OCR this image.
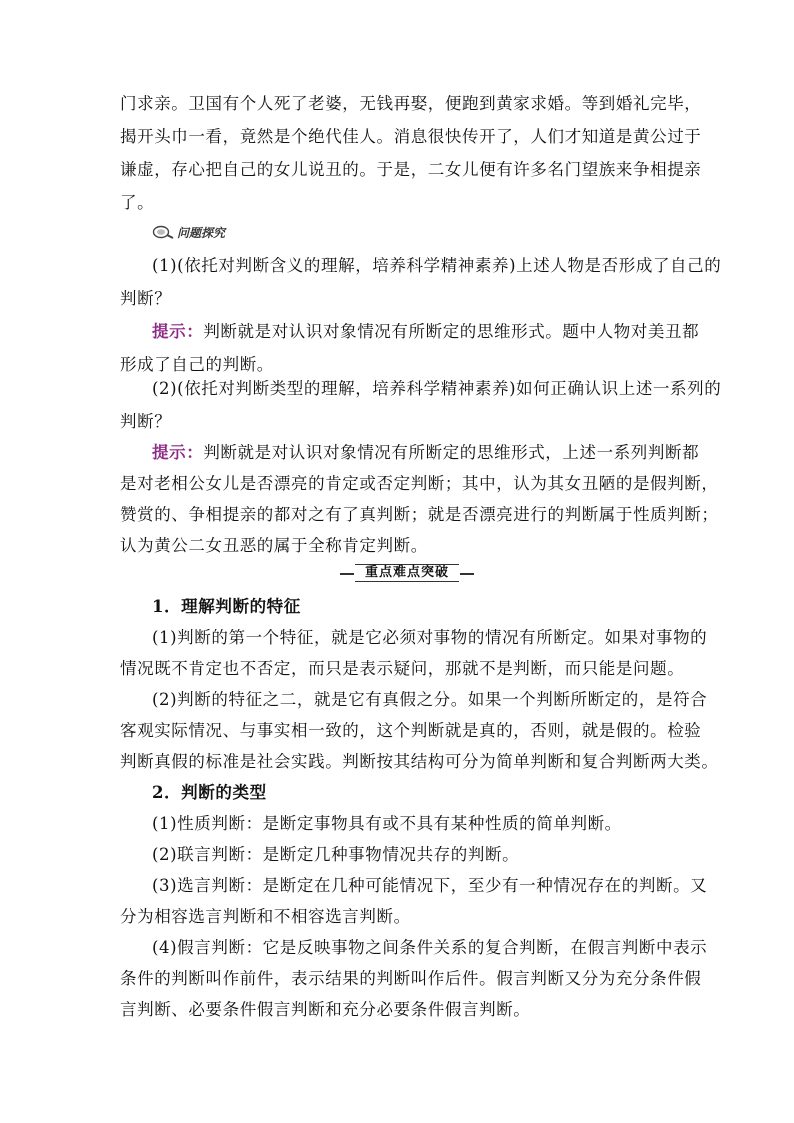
门求亲。卫国有个人死了老婆，无钱再娶，便跑到黄家求婚。等到婚礼完毕，
揭开头巾一看，竟然是个绝代佳人。消息很快传开了，人们才知道是黄公过于
谦虚，存心把自己的女儿说丑的。于是，二女儿便有许多名门望族来争相提亲
了。
问题探究
(1)(依托对判断含义的理解，培养科学精神素养)上述人物是否形成了自己的
判断？
提示：判断就是对认识对象情况有所断定的思维形式。题中人物对美丑都
形成了自己的判断。
(2)(依托对判断类型的理解，培养科学精神素养)如何正确认识上述一系列的
判断？
提示：判断就是对认识对象情况有所断定的思维形式，上述一系列判断都
是对老相公女儿是否漂亮的肯定或否定判断；其中，认为其女丑陋的是假判断，
赞赏的、争相提亲的都对之有了真判断；就是否漂亮进行的判断属于性质判断；
认为黄公二女丑恶的属于全称肯定判断。
重点难点突破
1．理解判断的特征
(1)判断的第一个特征，就是它必须对事物的情况有所断定。如果对事物的
情况既不肯定也不否定，而只是表示疑问，那就不是判断，而只能是问题。
(2)判断的特征之二，就是它有真假之分。如果一个判断所断定的，是符合
客观实际情况、与事实相一致的，这个判断就是真的，否则，就是假的。检验
判断真假的标准是社会实践。判断按其结构可分为简单判断和复合判断两大类。
2．判断的类型
(1)性质判断：是断定事物具有或不具有某种性质的简单判断。
(2)联言判断：是断定几种事物情况共存的判断。
(3)选言判断：是断定在几种可能情况下，至少有一种情况存在的判断。又
分为相容选言判断和不相容选言判断。
(4)假言判断：它是反映事物之间条件关系的复合判断，在假言判断中表示
条件的判断叫作前件，表示结果的判断叫作后件。假言判断又分为充分条件假
言判断、必要条件假言判断和充分必要条件假言判断。
